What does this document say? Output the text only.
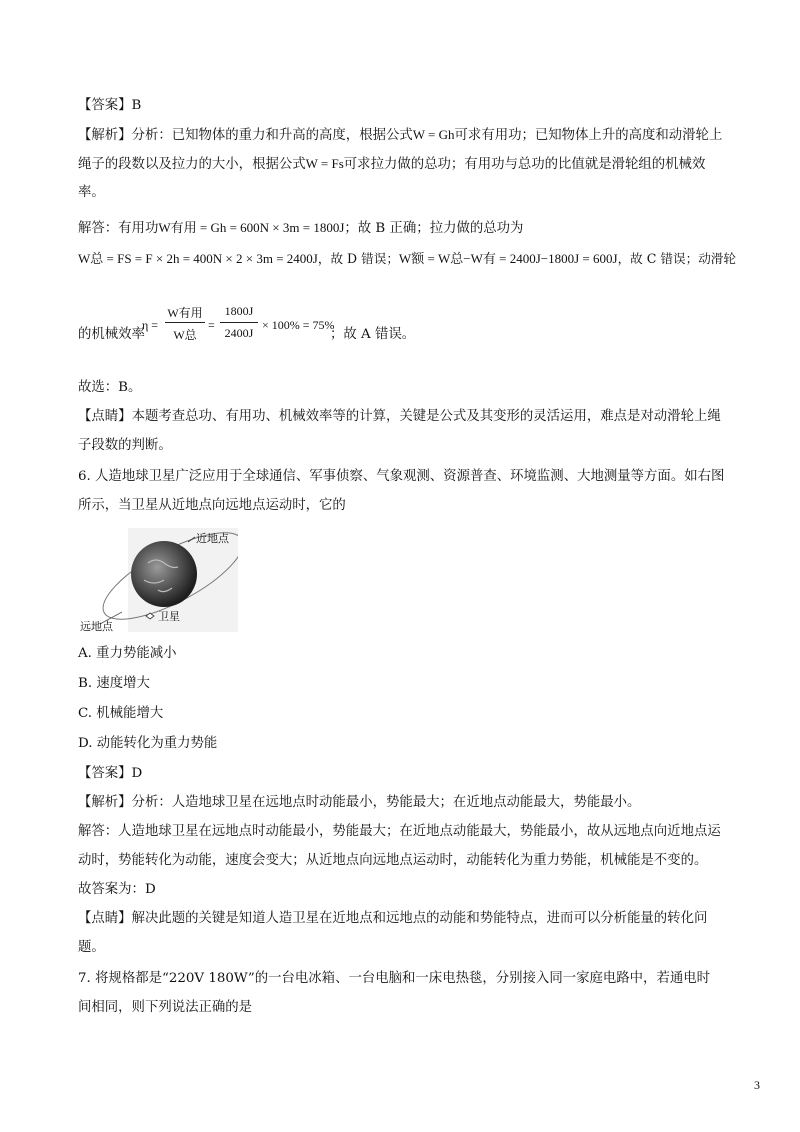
【答案】B
【解析】分析：已知物体的重力和升高的高度，根据公式W = Gh可求有用功；已知物体上升的高度和动滑轮上
绳子的段数以及拉力的大小，根据公式W = Fs可求拉力做的总功；有用功与总功的比值就是滑轮组的机械效
率。
解答：有用功W有用 = Gh = 600N × 3m = 1800J；故 B 正确；拉力做的总功为
W总 = FS = F × 2h = 400N × 2 × 3m = 2400J，故 D 错误；W额 = W总−W有 = 2400J−1800J = 600J，故 C 错误；动滑轮
的机械效率
η =
W有用
W总
=
1800J
2400J
× 100% = 75%
；故 A 错误。
故选：B。
【点睛】本题考查总功、有用功、机械效率等的计算，关键是公式及其变形的灵活运用，难点是对动滑轮上绳
子段数的判断。
6. 人造地球卫星广泛应用于全球通信、军事侦察、气象观测、资源普查、环境监测、大地测量等方面。如右图
所示，当卫星从近地点向远地点运动时，它的
近地点
卫星
远地点
A. 重力势能减小
B. 速度增大
C. 机械能增大
D. 动能转化为重力势能
【答案】D
【解析】分析：人造地球卫星在远地点时动能最小，势能最大；在近地点动能最大，势能最小。
解答：人造地球卫星在远地点时动能最小，势能最大；在近地点动能最大，势能最小，故从远地点向近地点运
动时，势能转化为动能，速度会变大；从近地点向远地点运动时，动能转化为重力势能，机械能是不变的。
故答案为：D
【点睛】解决此题的关键是知道人造卫星在近地点和远地点的动能和势能特点，进而可以分析能量的转化问
题。
7. 将规格都是“220V 180W”的一台电冰箱、一台电脑和一床电热毯，分别接入同一家庭电路中，若通电时
间相同，则下列说法正确的是
3
